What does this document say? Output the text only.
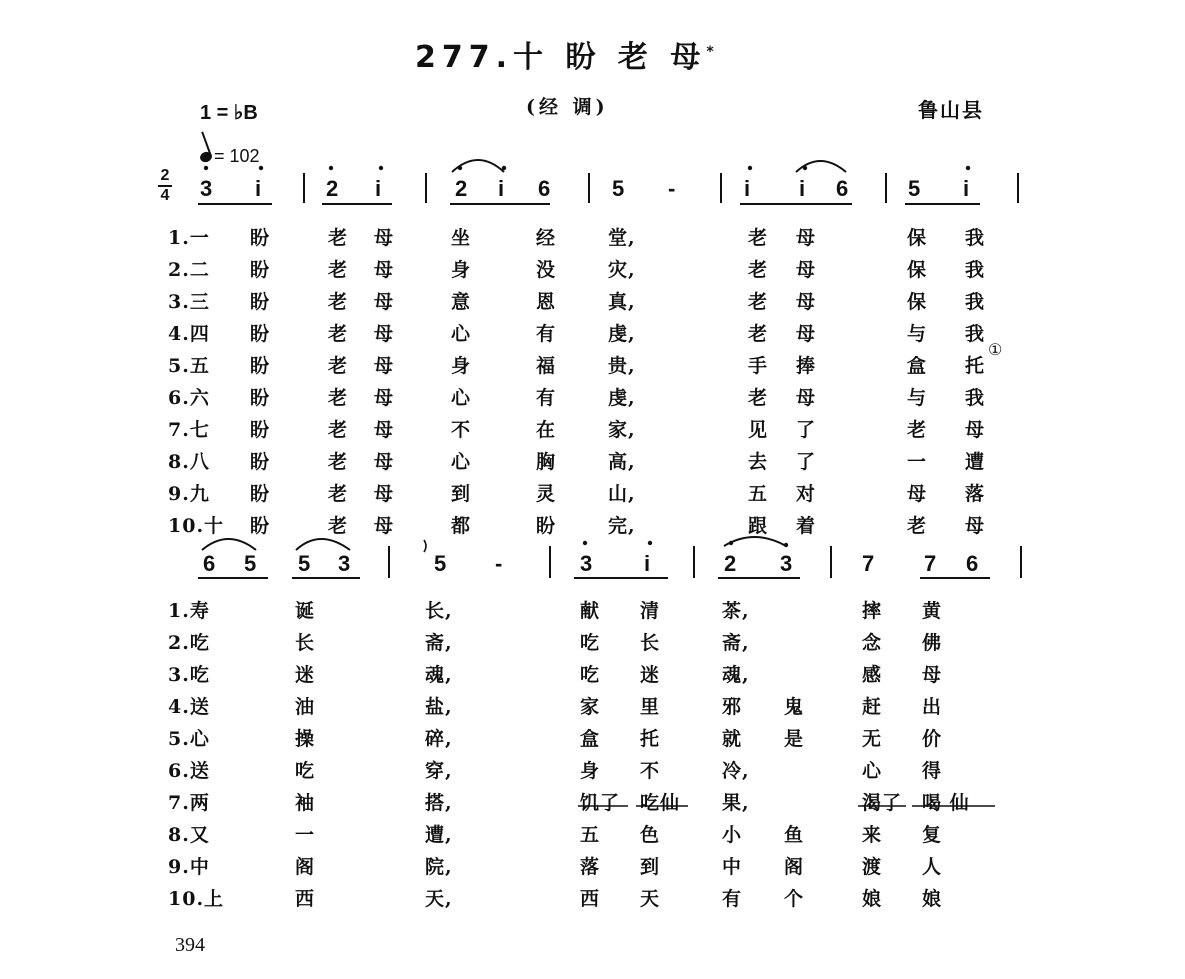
277.十 盼 老 母*
(经 调)	鲁山县
1 = ♭B
= 102
2
4 3 i	2 i	2 i 6	5 -	i i 6	5 i
6 5 5 3	5 -	3 i	2 3	7 7 6
1.一 盼	老 母	坐	经	堂,	老 母	保 我
2.二 盼	老 母	身	没	灾,	老 母	保 我
3.三 盼	老 母	意	恩	真,	老 母	保 我
4.四 盼	老 母	心	有	虔,	老 母	与 我
5.五 盼	老 母	身	福	贵,	手 捧	盒 托
6.六 盼	老 母	心	有	虔,	老 母	与 我
7.七 盼	老 母	不	在	家,	见 了	老 母
8.八 盼	老 母	心	胸	高,	去 了	一 遭
9.九 盼	老 母	到	灵	山,	五 对	母 落
10.十 盼	老 母	都	盼	完,	跟 着	老 母
1.寿	诞	长,	献 清	茶,	摔 黄
2.吃	长	斋,	吃 长	斋,	念 佛
3.吃	迷	魂,	吃 迷	魂,	感 母
4.送	油	盐,	家 里	邪 鬼	赶 出
5.心	操	碎,	盒 托	就 是	无 价
6.送	吃	穿,	身 不	冷,	心 得
7.两	袖	搭,	饥了 吃仙 果,	渴了 喝 仙
8.又	一	遭,	五 色	小 鱼	来 复
9.中	阁	院,	落 到	中 阁	渡 人
10.上	西	天,	西 天	有 个	娘 娘
①
394
